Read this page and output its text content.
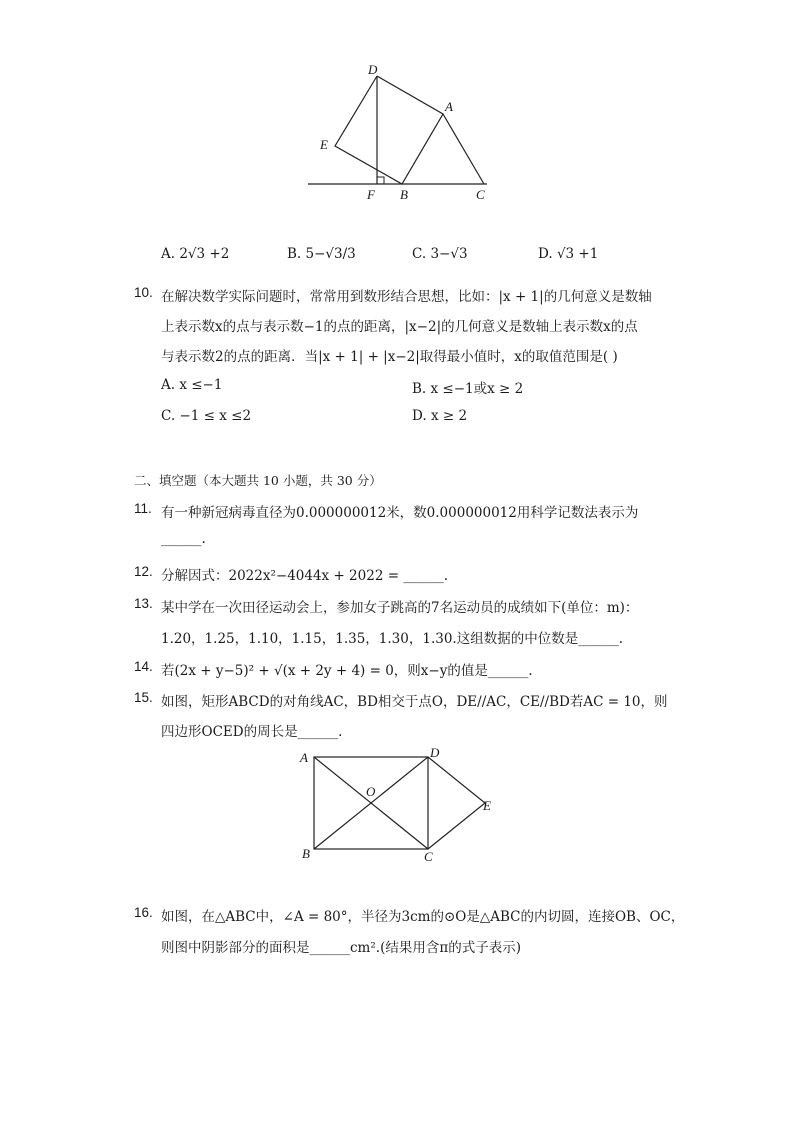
D
A
E
F B	C
A. 2√3 +2	B. 5−√3/3	C. 3−√3	D. √3 +1
10. 在解决数学实际问题时，常常用到数形结合思想，比如：|x + 1|的几何意义是数轴
上表示数x的点与表示数−1的点的距离，|x−2|的几何意义是数轴上表示数x的点
与表示数2的点的距离．当|x + 1| + |x−2|取得最小值时，x的取值范围是( )
A. x ≤−1	B. x ≤−1或x ≥ 2
C. −1 ≤ x ≤2	D. x ≥ 2
二、填空题（本大题共 10 小题，共 30 分）
11. 有一种新冠病毒直径为0.000000012米，数0.000000012用科学记数法表示为
______.
12. 分解因式：2022x²−4044x + 2022 = ______.
13. 某中学在一次田径运动会上，参加女子跳高的7名运动员的成绩如下(单位：m)：
1.20，1.25，1.10，1.15，1.35，1.30，1.30.这组数据的中位数是______.
14. 若(2x + y−5)² + √(x + 2y + 4) = 0，则x−y的值是______.
15. 如图，矩形ABCD的对角线AC，BD相交于点O，DE//AC，CE//BD若AC = 10，则
四边形OCED的周长是______.
A	D
O
E
B	C
16. 如图，在△ABC中，∠A = 80°，半径为3cm的⊙O是△ABC的内切圆，连接OB、OC，
则图中阴影部分的面积是______cm².(结果用含π的式子表示)
